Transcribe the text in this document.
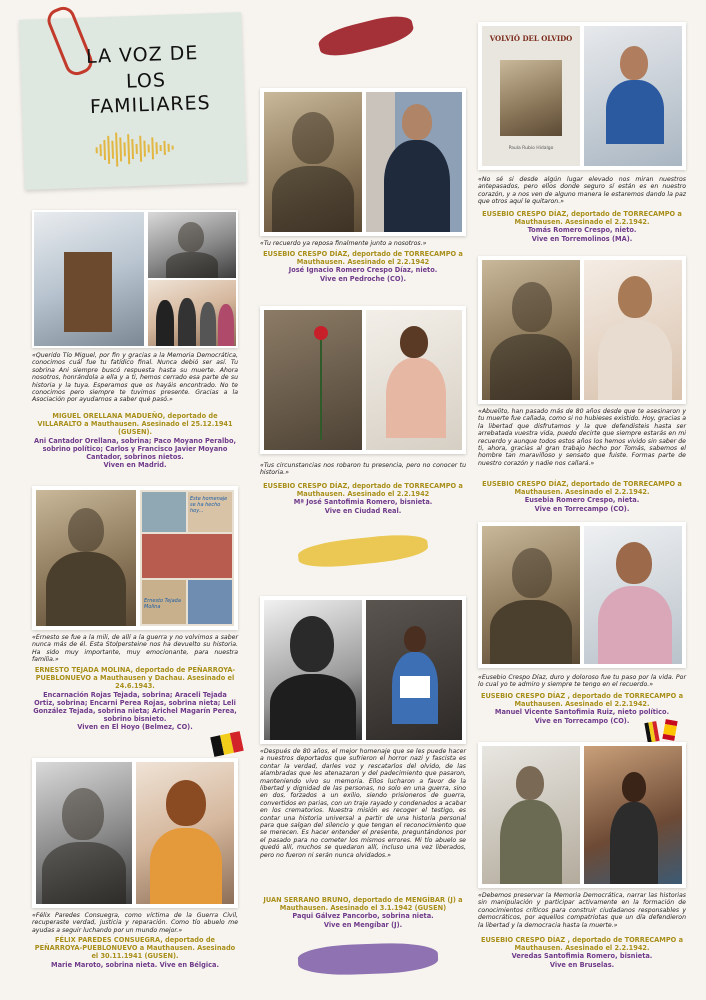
LA VOZ DE
LOS
FAMILIARES
«Querido Tío Miguel, por fin y gracias a la Memoria Democrática, conocimos cuál fue tu fatídico final. Nunca debió ser así. Tu sobrina Ani siempre buscó respuesta hasta su muerte. Ahora nosotros, honrándola a ella y a ti, hemos cerrado esa parte de su historia y la tuya. Esperamos que os hayáis encontrado. No te conocimos pero siempre te tuvimos presente. Gracias a la Asociación por ayudarnos a saber qué pasó.»
MIGUEL ORELLANA MADUEÑO, deportado de VILLARALTO a Mauthausen. Asesinado el 25.12.1941 (GUSEN).
Ani Cantador Orellana, sobrina; Paco Moyano Peralbo, sobrino político; Carlos y Francisco Javier Moyano Cantador, sobrinos nietos.
Viven en Madrid.
Este homenaje se ha hecho hoy...
Ernesto Tejada Molina
«Ernesto se fue a la mili, de allí a la guerra y no volvimos a saber nunca más de él. Esta Stolpersteine nos ha devuelto su historia. Ha sido muy importante, muy emocionante, para nuestra familia.»
ERNESTO TEJADA MOLINA, deportado de PEÑARROYA-PUEBLONUEVO a Mauthausen y Dachau. Asesinado el 24.6.1943.
Encarnación Rojas Tejada, sobrina; Araceli Tejada Ortiz, sobrina; Encarni Perea Rojas, sobrina nieta; Leli González Tejada, sobrina nieta; Arichel Magarín Perea, sobrino bisnieto.
Viven en El Hoyo (Belmez, CO).
«Félix Paredes Consuegra, como víctima de la Guerra Civil, recuperaste verdad, justicia y reparación. Como tío abuelo me ayudas a seguir luchando por un mundo mejor.»
FÉLIX PAREDES CONSUEGRA, deportado de PEÑARROYA-PUEBLONUEVO a Mauthausen. Asesinado el 30.11.1941 (GUSEN).
Marie Maroto, sobrina nieta. Vive en Bélgica.
«Tu recuerdo ya reposa finalmente junto a nosotros.»
EUSEBIO CRESPO DÍAZ, deportado de TORRECAMPO a Mauthausen. Asesinado el 2.2.1942
José Ignacio Romero Crespo Díaz, nieto.
Vive en Pedroche (CO).
«Tus circunstancias nos robaron tu presencia, pero no conocer tu historia.»
EUSEBIO CRESPO DÍAZ, deportado de TORRECAMPO a Mauthausen. Asesinado el 2.2.1942
Mª José Santofimia Romero, bisnieta.
Vive en Ciudad Real.
«Después de 80 años, el mejor homenaje que se les puede hacer a nuestros deportados que sufrieron el horror nazi y fascista es contar la verdad, darles voz y rescatarlos del olvido, de las alambradas que les atenazaron y del padecimiento que pasaron, manteniendo vivo su memoria. Ellos lucharon a favor de la libertad y dignidad de las personas, no solo en una guerra, sino en dos, forzados a un exilio, siendo prisioneros de guerra, convertidos en parias, con un traje rayado y condenados a acabar en los crematorios. Nuestra misión es recoger el testigo, es contar una historia universal a partir de una historia personal para que salgan del silencio y que tengan el reconocimiento que se merecen. Es hacer entender el presente, preguntándonos por el pasado para no cometer los mismos errores. Mi tío abuelo se quedó allí, muchos se quedaron allí, incluso una vez liberados, pero no fueron ni serán nunca olvidados.»
JUAN SERRANO BRUNO, deportado de MENGÍBAR (J) a Mauthausen. Asesinado el 3.1.1942 (GUSEN)
Paqui Gálvez Pancorbo, sobrina nieta.
Vive en Mengíbar (J).
VOLVIÓ DEL OLVIDO
Paula Rubio Hidalgo
«No sé si desde algún lugar elevado nos miran nuestros antepasados, pero ellos donde seguro sí están es en nuestro corazón, y a nos ven de alguno manera le estaremos dando la paz que otros aquí le quitaron.»
EUSEBIO CRESPO DÍAZ, deportado de TORRECAMPO a Mauthausen. Asesinado el 2.2.1942.
Tomás Romero Crespo, nieto.
Vive en Torremolinos (MA).
«Abuelito, han pasado más de 80 años desde que te asesinaron y tu muerte fue callada, como si no hubieses existido. Hoy, gracias a la libertad que disfrutamos y la que defendisteis hasta ser arrebatada vuestra vida, puedo decirte que siempre estarás en mi recuerdo y aunque todos estos años los hemos vivido sin saber de ti, ahora, gracias al gran trabajo hecho por Tomás, sabemos el hombre tan maravilloso y sensato que fuiste. Formas parte de nuestro corazón y nadie nos callará.»
EUSEBIO CRESPO DÍAZ, deportado de TORRECAMPO a Mauthausen. Asesinado el 2.2.1942.
Eusebia Romero Crespo, nieta.
Vive en Torrecampo (CO).
«Eusebio Crespo Díaz, duro y doloroso fue tu paso por la vida. Por lo cual yo te admiro y siempre te tengo en el recuerdo.»
EUSEBIO CRESPO DÍAZ , deportado de TORRECAMPO a Mauthausen. Asesinado el 2.2.1942.
Manuel Vicente Santofimia Ruiz, nieto político.
Vive en Torrecampo (CO).
«Debemos preservar la Memoria Democrática, narrar las historias sin manipulación y participar activamente en la formación de conocimientos críticos para construir ciudadanos responsables y democráticos, por aquellos compatriotas que un día defendieron la libertad y la democracia hasta la muerte.»
EUSEBIO CRESPO DÍAZ , deportado de TORRECAMPO a Mauthausen. Asesinado el 2.2.1942.
Veredas Santofimia Romero, bisnieta.
Vive en Bruselas.
